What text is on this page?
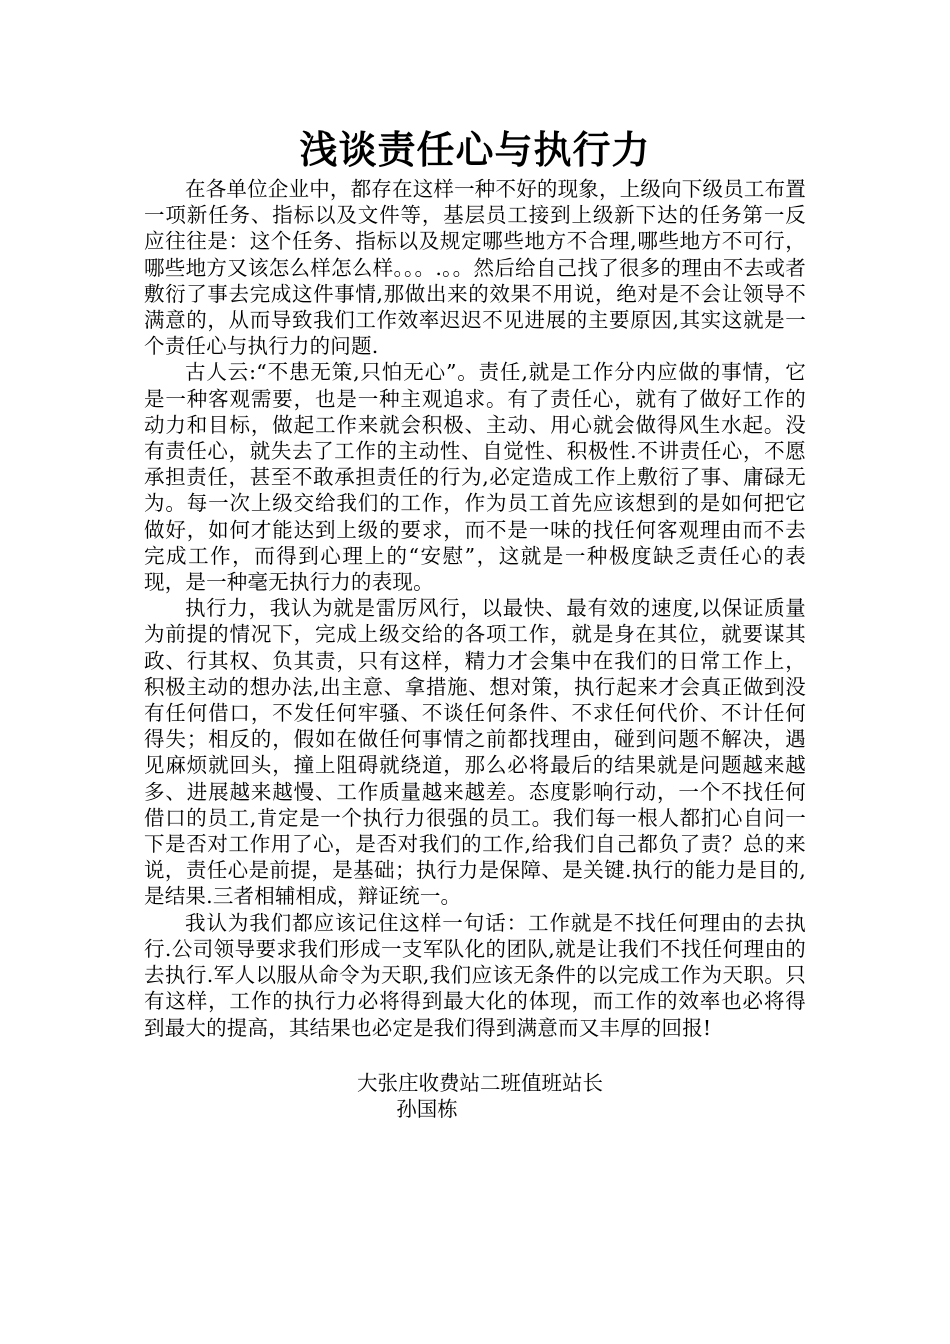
浅谈责任心与执行力

在各单位企业中，都存在这样一种不好的现象，上级向下级员工布置一项新任务、指标以及文件等，基层员工接到上级新下达的任务第一反应往往是：这个任务、指标以及规定哪些地方不合理,哪些地方不可行，哪些地方又该怎么样怎么样。。。.。。然后给自己找了很多的理由不去或者敷衍了事去完成这件事情,那做出来的效果不用说，绝对是不会让领导不满意的，从而导致我们工作效率迟迟不见进展的主要原因,其实这就是一个责任心与执行力的问题.

古人云:“不患无策,只怕无心”。责任,就是工作分内应做的事情，它是一种客观需要，也是一种主观追求。有了责任心，就有了做好工作的动力和目标，做起工作来就会积极、主动、用心就会做得风生水起。没有责任心，就失去了工作的主动性、自觉性、积极性.不讲责任心，不愿承担责任，甚至不敢承担责任的行为,必定造成工作上敷衍了事、庸碌无为。每一次上级交给我们的工作，作为员工首先应该想到的是如何把它做好，如何才能达到上级的要求，而不是一味的找任何客观理由而不去完成工作，而得到心理上的“安慰”，这就是一种极度缺乏责任心的表现，是一种毫无执行力的表现。

执行力，我认为就是雷厉风行，以最快、最有效的速度,以保证质量为前提的情况下，完成上级交给的各项工作，就是身在其位，就要谋其政、行其权、负其责，只有这样，精力才会集中在我们的日常工作上，积极主动的想办法,出主意、拿措施、想对策，执行起来才会真正做到没有任何借口，不发任何牢骚、不谈任何条件、不求任何代价、不计任何得失；相反的，假如在做任何事情之前都找理由，碰到问题不解决，遇见麻烦就回头，撞上阻碍就绕道，那么必将最后的结果就是问题越来越多、进展越来越慢、工作质量越来越差。态度影响行动，一个不找任何借口的员工,肯定是一个执行力很强的员工。我们每一根人都扪心自问一下是否对工作用了心，是否对我们的工作,给我们自己都负了责？总的来说，责任心是前提，是基础；执行力是保障、是关键.执行的能力是目的,是结果.三者相辅相成，辩证统一。

我认为我们都应该记住这样一句话：工作就是不找任何理由的去执行.公司领导要求我们形成一支军队化的团队,就是让我们不找任何理由的去执行.军人以服从命令为天职,我们应该无条件的以完成工作为天职。只有这样，工作的执行力必将得到最大化的体现，而工作的效率也必将得到最大的提高，其结果也必定是我们得到满意而又丰厚的回报!

大张庄收费站二班值班站长

孙国栋
